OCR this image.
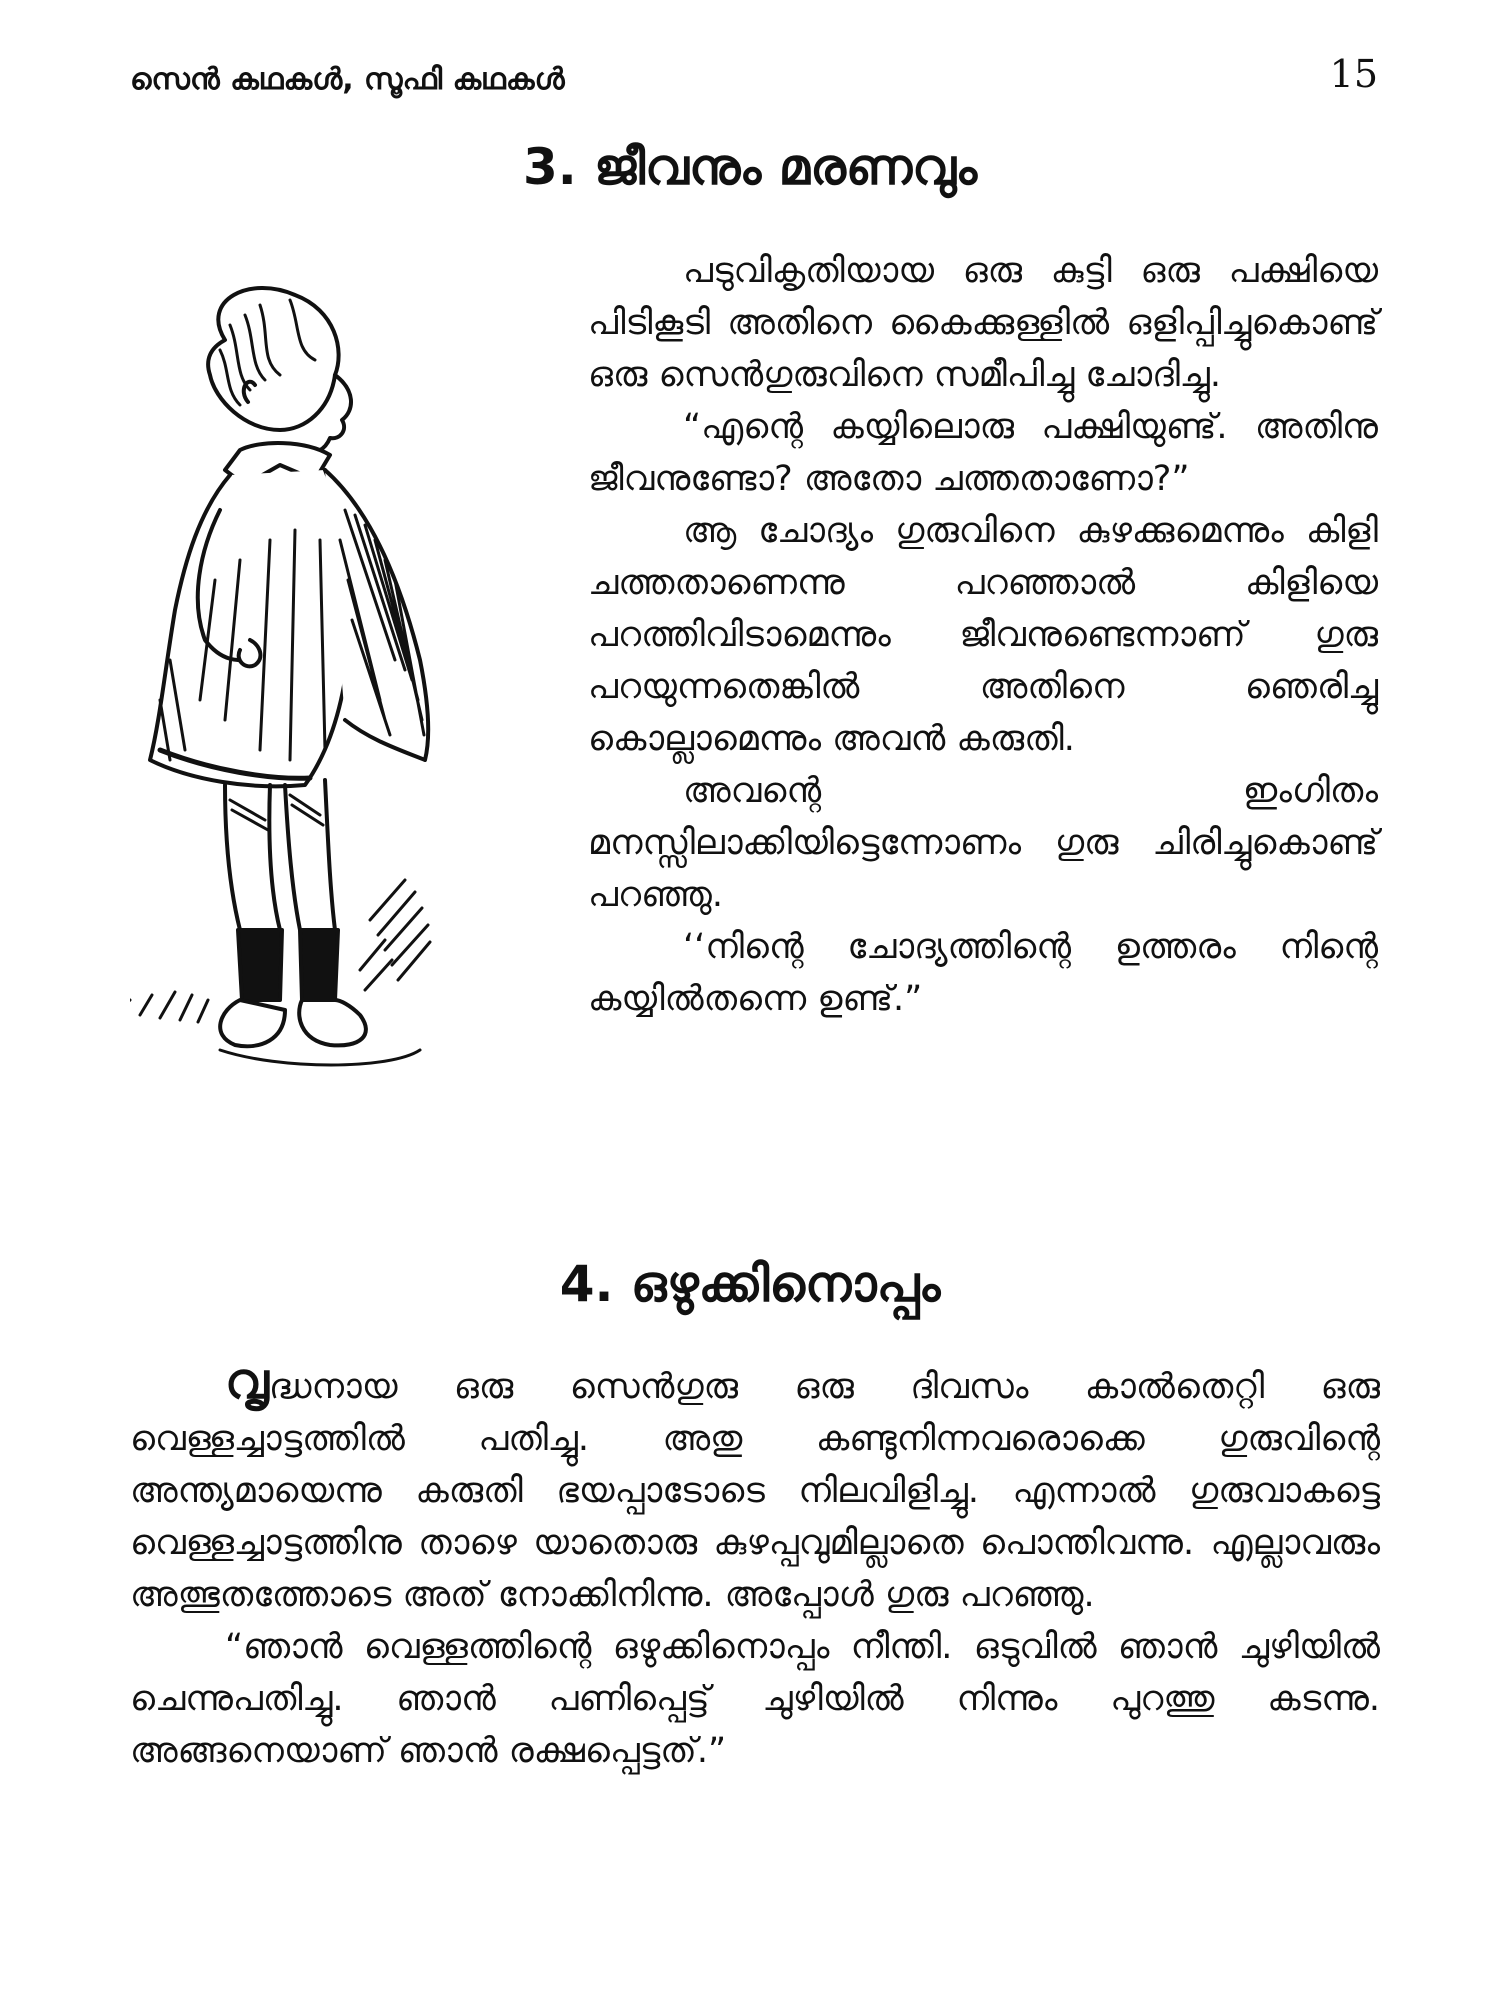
സെൻ കഥകൾ, സൂഫി കഥകൾ	15
3. ജീവനും മരണവും

പടുവികൃതിയായ ഒരു കുട്ടി ഒരു പക്ഷിയെ പിടികൂടി അതിനെ കൈക്കുള്ളിൽ ഒളിപ്പിച്ചുകൊണ്ട് ഒരു സെൻഗുരുവിനെ സമീപിച്ചു ചോദിച്ചു.

“എന്റെ കയ്യിലൊരു പക്ഷിയുണ്ട്. അതിനു ജീവനുണ്ടോ? അതോ ചത്തതാണോ?”

ആ ചോദ്യം ഗുരുവിനെ കുഴക്കുമെന്നും കിളി ചത്തതാണെന്നു പറഞ്ഞാൽ കിളിയെ പറത്തിവിടാമെന്നും ജീവനുണ്ടെന്നാണ് ഗുരു പറയുന്നതെങ്കിൽ അതിനെ ഞെരിച്ചു കൊല്ലാമെന്നും അവൻ കരുതി.

അവന്റെ ഇംഗിതം മനസ്സിലാക്കിയിട്ടെന്നോണം ഗുരു ചിരിച്ചുകൊണ്ട് പറഞ്ഞു.

‘‘നിന്റെ ചോദ്യത്തിന്റെ ഉത്തരം നിന്റെ കയ്യിൽതന്നെ ഉണ്ട്.”

4. ഒഴുക്കിനൊപ്പം

വൃദ്ധനായ ഒരു സെൻഗുരു ഒരു ദിവസം കാൽതെറ്റി ഒരു വെള്ളച്ചാട്ടത്തിൽ പതിച്ചു. അതു കണ്ടുനിന്നവരൊക്കെ ഗുരുവിന്റെ അന്ത്യമായെന്നു കരുതി ഭയപ്പാടോടെ നിലവിളിച്ചു. എന്നാൽ ഗുരുവാകട്ടെ വെള്ളച്ചാട്ടത്തിനു താഴെ യാതൊരു കുഴപ്പവുമില്ലാതെ പൊന്തിവന്നു. എല്ലാവരും അത്ഭുതത്തോടെ അത് നോക്കിനിന്നു. അപ്പോൾ ഗുരു പറഞ്ഞു.

“ഞാൻ വെള്ളത്തിന്റെ ഒഴുക്കിനൊപ്പം നീന്തി. ഒടുവിൽ ഞാൻ ചുഴിയിൽ ചെന്നുപതിച്ചു. ഞാൻ പണിപ്പെട്ട് ചുഴിയിൽ നിന്നും പുറത്തു കടന്നു. അങ്ങനെയാണ് ഞാൻ രക്ഷപ്പെട്ടത്.”
